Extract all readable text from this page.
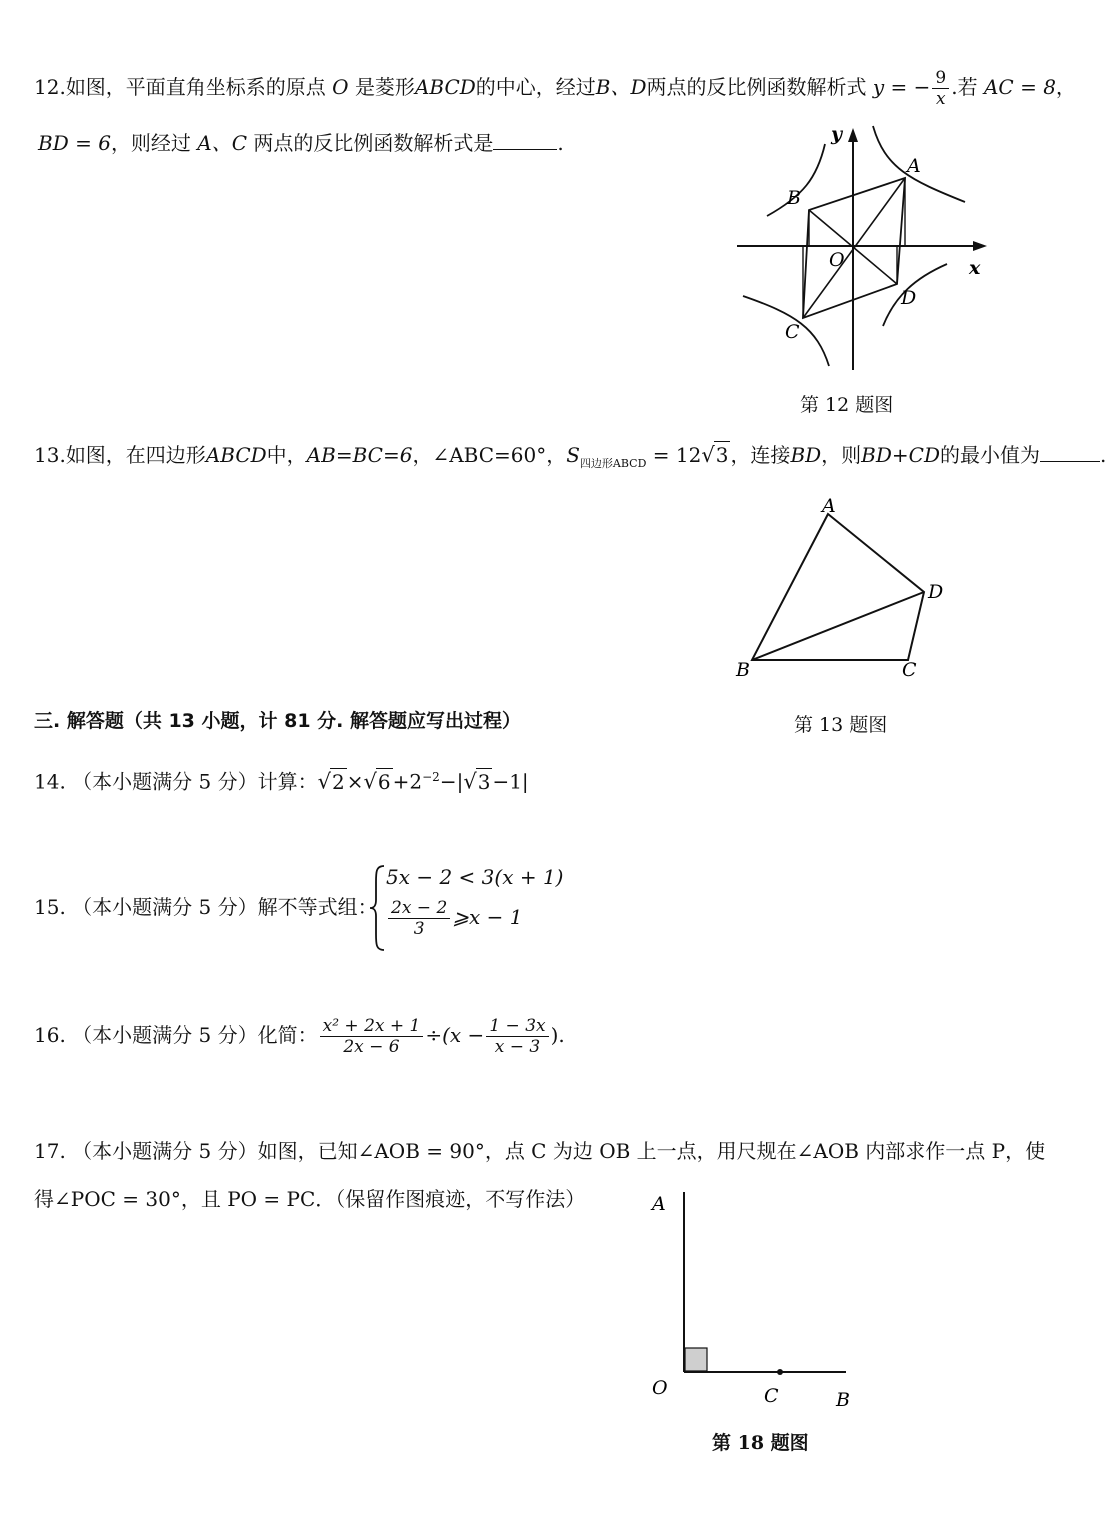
12.如图，平面直角坐标系的原点 O 是菱形ABCD的中心，经过B、D两点的反比例函数解析式 y = − $\frac{9}{x}$ .若 AC = 8，
BD = 6，则经过 A、C 两点的反比例函数解析式是	.	y
x
A
B
C
D
O
第 12 题图
13.如图，在四边形ABCD中，AB=BC=6，∠ABC=60°，$S_{四边形ABCD} = 12√3$ ，连接BD，则BD+CD的最小值为	.
A
B	C
D
三. 解答题（共 13 小题，计 81 分. 解答题应写出过程）	第 13 题图
14. （本小题满分 5 分）计算：$√2 \times√6 +2^{-2}-|√3 -1|$
15. （本小题满分 5 分）解不等式组：
5x − 2 < 3(x + 1)
$\frac{2x - 2}{3}$ ⩾x − 1
16. （本小题满分 5 分）化简： $\frac{\text{x² + 2x + 1}}{2x - 6} \div(x - \frac{1 - 3x}{x - 3}$ ).
17. （本小题满分 5 分）如图，已知∠AOB = 90°，点 C 为边 OB 上一点，用尺规在∠AOB 内部求作一点 P，使
得∠POC = 30°，且 PO = PC．（保留作图痕迹，不写作法）	A
O	C	B
第 18 题图
